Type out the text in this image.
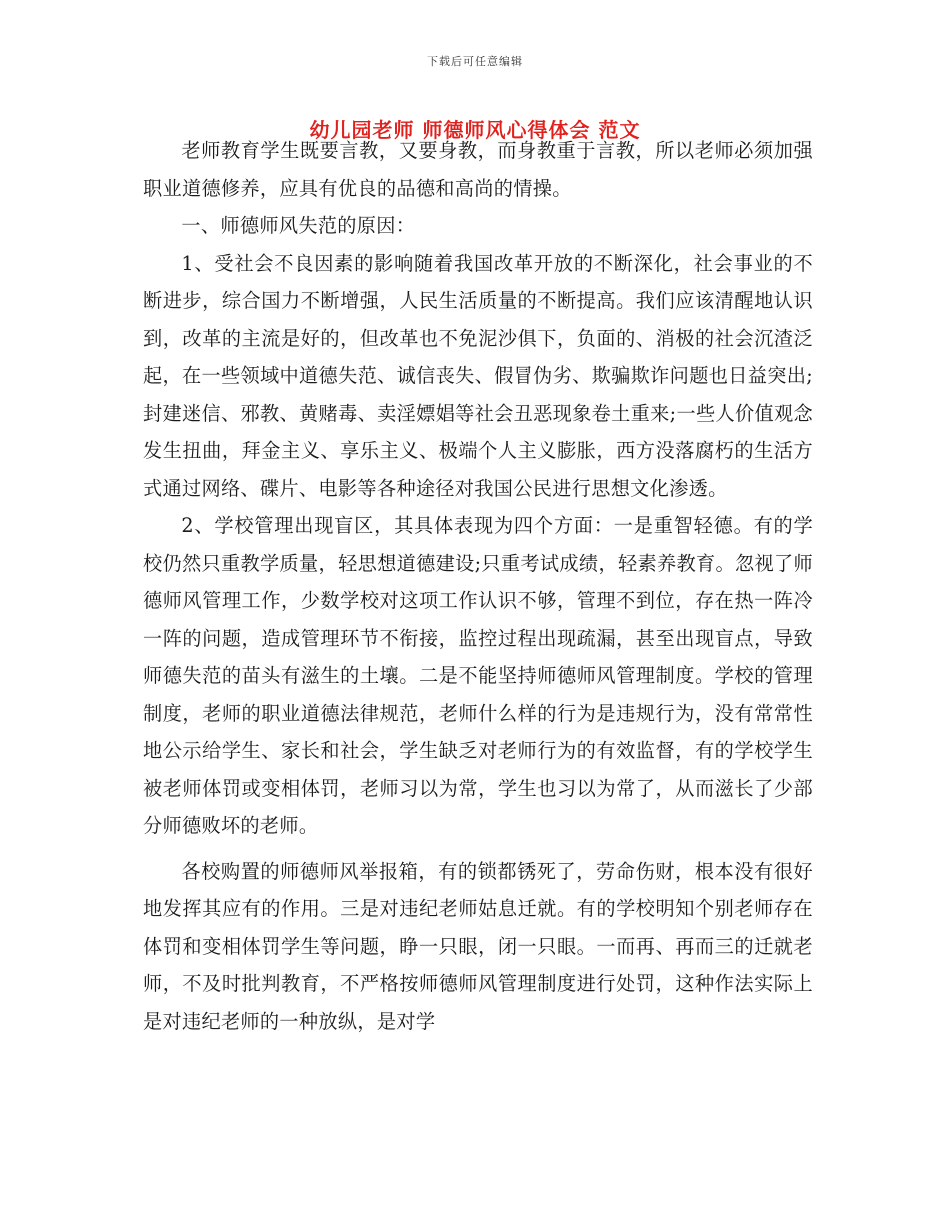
下载后可任意编辑
幼儿园老师 师德师风心得体会 范文

老师教育学生既要言教，又要身教，而身教重于言教，所以老师必须加强职业道德修养，应具有优良的品德和高尚的情操。

一、师德师风失范的原因：

1、受社会不良因素的影响随着我国改革开放的不断深化，社会事业的不断进步，综合国力不断增强，人民生活质量的不断提高。我们应该清醒地认识到，改革的主流是好的，但改革也不免泥沙俱下，负面的、消极的社会沉渣泛起，在一些领域中道德失范、诚信丧失、假冒伪劣、欺骗欺诈问题也日益突出;封建迷信、邪教、黄赌毒、卖淫嫖娼等社会丑恶现象卷土重来;一些人价值观念发生扭曲，拜金主义、享乐主义、极端个人主义膨胀，西方没落腐朽的生活方式通过网络、碟片、电影等各种途径对我国公民进行思想文化渗透。

2、学校管理出现盲区，其具体表现为四个方面：一是重智轻德。有的学校仍然只重教学质量，轻思想道德建设;只重考试成绩，轻素养教育。忽视了师德师风管理工作，少数学校对这项工作认识不够，管理不到位，存在热一阵冷一阵的问题，造成管理环节不衔接，监控过程出现疏漏，甚至出现盲点，导致师德失范的苗头有滋生的土壤。二是不能坚持师德师风管理制度。学校的管理制度，老师的职业道德法律规范，老师什么样的行为是违规行为，没有常常性地公示给学生、家长和社会，学生缺乏对老师行为的有效监督，有的学校学生被老师体罚或变相体罚，老师习以为常，学生也习以为常了，从而滋长了少部分师德败坏的老师。

各校购置的师德师风举报箱，有的锁都锈死了，劳命伤财，根本没有很好地发挥其应有的作用。三是对违纪老师姑息迁就。有的学校明知个别老师存在体罚和变相体罚学生等问题，睁一只眼，闭一只眼。一而再、再而三的迁就老师，不及时批判教育，不严格按师德师风管理制度进行处罚，这种作法实际上是对违纪老师的一种放纵，是对学
